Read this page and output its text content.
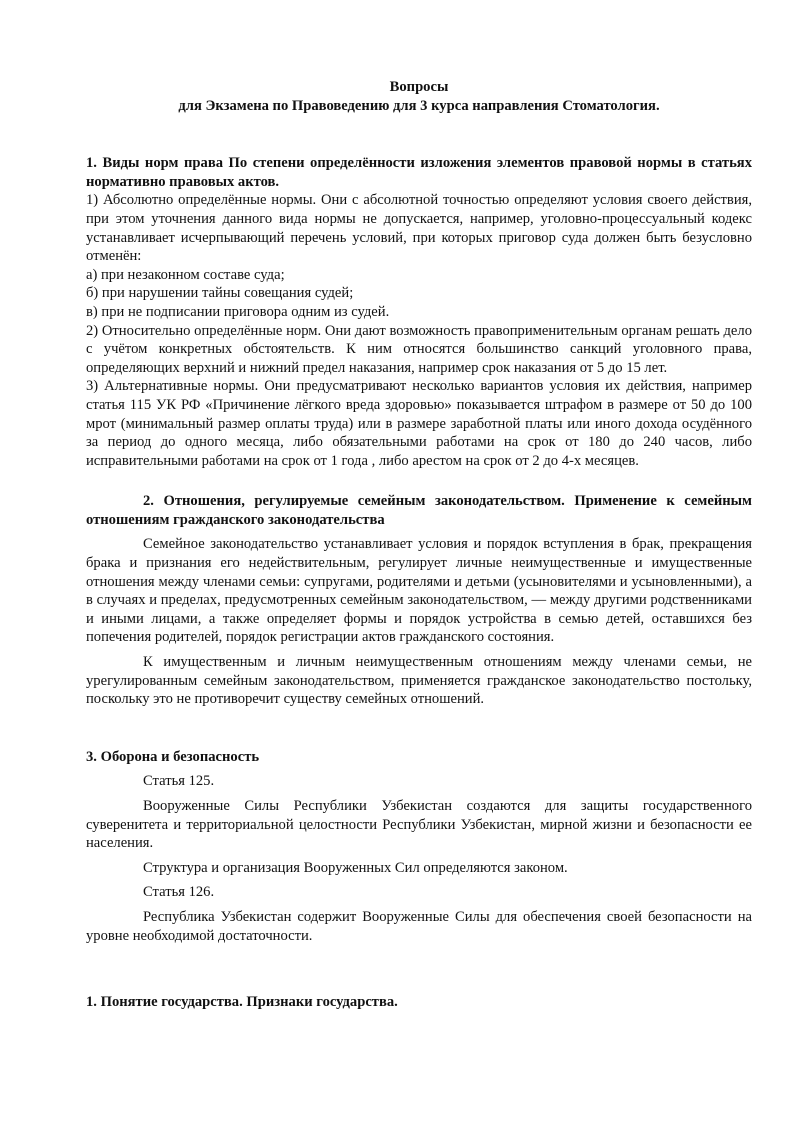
Вопросы
для Экзамена по Правоведению для 3 курса направления Стоматология.

1. Виды норм права По степени определённости изложения элементов правовой нормы в статьях нормативно правовых актов.

1) Абсолютно определённые нормы. Они с абсолютной точностью определяют условия своего действия, при этом уточнения данного вида нормы не допускается, например, уголовно-процессуальный кодекс устанавливает исчерпывающий перечень условий, при которых приговор суда должен быть безусловно отменён:

а) при незаконном составе суда;

б) при нарушении тайны совещания судей;

в) при не подписании приговора одним из судей.

2) Относительно определённые норм. Они дают возможность правоприменительным органам решать дело с учётом конкретных обстоятельств. К ним относятся большинство санкций уголовного права, определяющих верхний и нижний предел наказания, например срок наказания от 5 до 15 лет.

3) Альтернативные нормы. Они предусматривают несколько вариантов условия их действия, например статья 115 УК РФ «Причинение лёгкого вреда здоровью» показывается штрафом в размере от 50 до 100 мрот (минимальный размер оплаты труда) или в размере заработной платы или иного дохода осудённого за период до одного месяца, либо обязательными работами на срок от 180 до 240 часов, либо исправительными работами на срок от 1 года , либо арестом на срок от 2 до 4-х месяцев.

2. Отношения, регулируемые семейным законодательством. Применение к семейным отношениям гражданского законодательства

Семейное законодательство устанавливает условия и порядок вступления в брак, прекращения брака и признания его недействительным, регулирует личные неимущественные и имущественные отношения между членами семьи: супругами, родителями и детьми (усыновителями и усыновленными), а в случаях и пределах, предусмотренных семейным законодательством, — между другими родственниками и иными лицами, а также определяет формы и порядок устройства в семью детей, оставшихся без попечения родителей, порядок регистрации актов гражданского состояния.

К имущественным и личным неимущественным отношениям между членами семьи, не урегулированным семейным законодательством, применяется гражданское законодательство постольку, поскольку это не противоречит существу семейных отношений.

3. Оборона и безопасность

Статья 125.

Вооруженные Силы Республики Узбекистан создаются для защиты государственного суверенитета и территориальной целостности Республики Узбекистан, мирной жизни и безопасности ее населения.

Структура и организация Вооруженных Сил определяются законом.

Статья 126.

Республика Узбекистан содержит Вооруженные Силы для обеспечения своей безопасности на уровне необходимой достаточности.

1. Понятие государства. Признаки государства.
